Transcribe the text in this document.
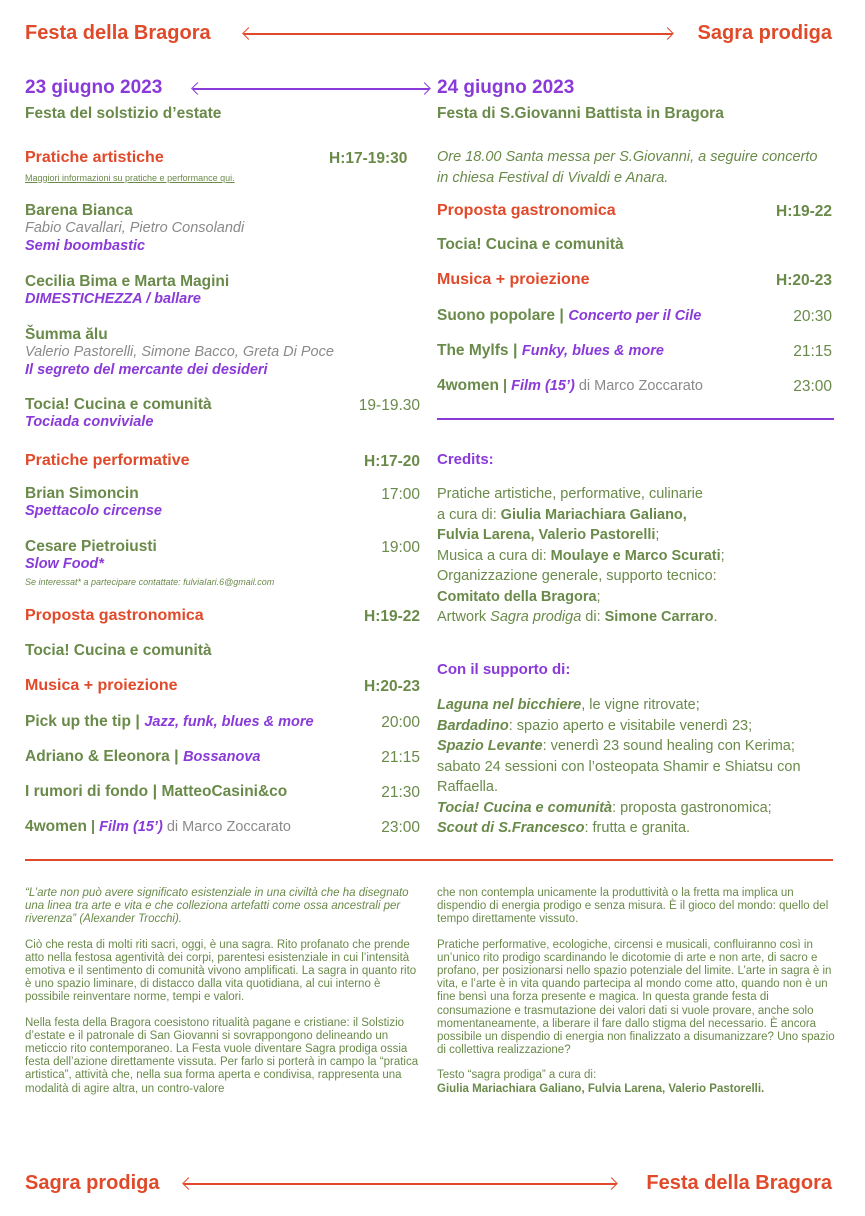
Festa della Bragora	Sagra prodiga
23 giugno 2023	24 giugno 2023
Festa del solstizio d’estate	Festa di S.Giovanni Battista in Bragora
Pratiche artistiche	H:17-19:30
Maggiori informazioni su pratiche e performance qui.
Barena Bianca
Fabio Cavallari, Pietro Consolandi
Semi boombastic
Cecilia Bima e Marta Magini
DIMESTICHEZZA / ballare
Šumma ălu
Valerio Pastorelli, Simone Bacco, Greta Di Poce
Il segreto del mercante dei desideri
Tocia! Cucina e comunità	19-19.30
Tociada conviviale
Pratiche performative	H:17-20
Brian Simoncin	17:00
Spettacolo circense
Cesare Pietroiusti	19:00
Slow Food*
Se interessat* a partecipare contattate: fulviaIari.6@gmail.com
Proposta gastronomica	H:19-22
Tocia! Cucina e comunità
Musica + proiezione	H:20-23
Pick up the tip | Jazz, funk, blues & more	20:00
Adriano & Eleonora | Bossanova	21:15
I rumori di fondo | MatteoCasini&co	21:30
4women | Film (15’) di Marco Zoccarato	23:00
Ore 18.00 Santa messa per S.Giovanni, a seguire concerto in chiesa Festival di Vivaldi e Anara.
Proposta gastronomica	H:19-22
Tocia! Cucina e comunità
Musica + proiezione	H:20-23
Suono popolare | Concerto per il Cile	20:30
The Mylfs | Funky, blues & more	21:15
4women | Film (15’) di Marco Zoccarato	23:00
Credits:
Pratiche artistiche, performative, culinarie
a cura di: Giulia Mariachiara Galiano,
Fulvia Larena, Valerio Pastorelli;
Musica a cura di: Moulaye e Marco Scurati;
Organizzazione generale, supporto tecnico:
Comitato della Bragora;
Artwork Sagra prodiga di: Simone Carraro.
Con il supporto di:
Laguna nel bicchiere, le vigne ritrovate;
Bardadino: spazio aperto e visitabile venerdì 23;
Spazio Levante: venerdì 23 sound healing con Kerima; sabato 24 sessioni con l’osteopata Shamir e Shiatsu con Raffaella.
Tocia! Cucina e comunità: proposta gastronomica;
Scout di S.Francesco: frutta e granita.

“L’arte non può avere significato esistenziale in una civiltà che ha disegnato una linea tra arte e vita e che colleziona artefatti come ossa ancestrali per riverenza” (Alexander Trocchi).

Ciò che resta di molti riti sacri, oggi, è una sagra. Rito profanato che prende atto nella festosa agentività dei corpi, parentesi esistenziale in cui l’intensità emotiva e il sentimento di comunità vivono amplificati. La sagra in quanto rito è uno spazio liminare, di distacco dalla vita quotidiana, al cui interno è possibile reinventare norme, tempi e valori.

Nella festa della Bragora coesistono ritualità pagane e cristiane: il Solstizio d’estate e il patronale di San Giovanni si sovrappongono delineando un meticcio rito contemporaneo. La Festa vuole diventare Sagra prodiga ossia festa dell’azione direttamente vissuta. Per farlo si porterà in campo la “pratica artistica”, attività che, nella sua forma aperta e condivisa, rappresenta una modalità di agire altra, un contro-valore

che non contempla unicamente la produttività o la fretta ma implica un dispendio di energia prodigo e senza misura. È il gioco del mondo: quello del tempo direttamente vissuto.

Pratiche performative, ecologiche, circensi e musicali, confluiranno così in un’unico rito prodigo scardinando le dicotomie di arte e non arte, di sacro e profano, per posizionarsi nello spazio potenziale del limite. L’arte in sagra è in vita, e l’arte è in vita quando partecipa al mondo come atto, quando non è un fine bensì una forza presente e magica. In questa grande festa di consumazione e trasmutazione dei valori dati si vuole provare, anche solo momentaneamente, a liberare il fare dallo stigma del necessario. È ancora possibile un dispendio di energia non finalizzato a disumanizzare? Uno spazio di collettiva realizzazione?

Testo “sagra prodiga” a cura di:

Giulia Mariachiara Galiano, Fulvia Larena, Valerio Pastorelli.

Sagra prodiga	Festa della Bragora
